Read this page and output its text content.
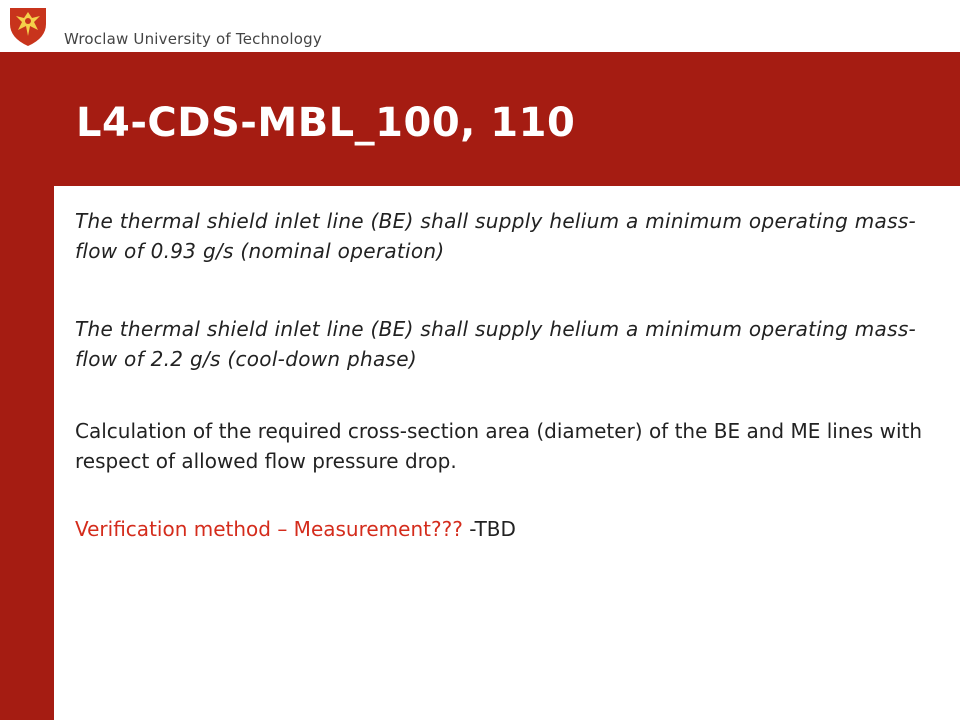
Wroclaw University of Technology
L4-CDS-MBL_100, 110

The thermal shield inlet line (BE) shall supply helium a minimum operating mass-flow of 0.93 g/s (nominal operation)

The thermal shield inlet line (BE) shall supply helium a minimum operating mass-flow of 2.2 g/s (cool-down phase)

Calculation of the required cross-section area (diameter) of the BE and ME lines with respect of allowed flow pressure drop.

Verification method – Measurement??? -TBD
